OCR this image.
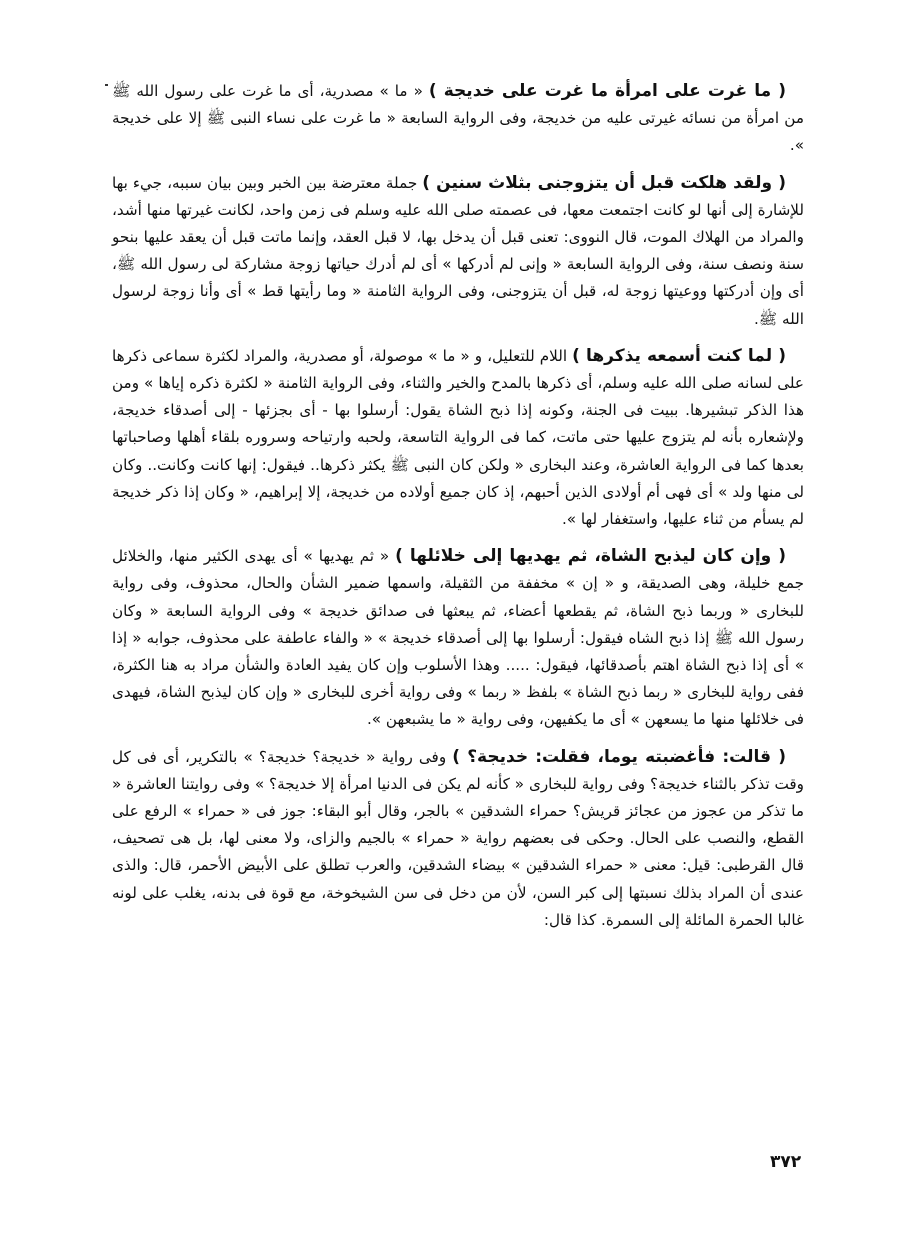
( ما غرت على امرأة ما غرت على خديجة ) « ما » مصدرية، أى ما غرت على رسول الله ﷺ من امرأة من نسائه غيرتى عليه من خديجة، وفى الرواية السابعة « ما غرت على نساء النبى ﷺ إلا على خديجة ».

( ولقد هلكت قبل أن يتزوجنى بثلاث سنين ) جملة معترضة بين الخبر وبين بيان سببه، جيء بها للإشارة إلى أنها لو كانت اجتمعت معها، فى عصمته صلى الله عليه وسلم فى زمن واحد، لكانت غيرتها منها أشد، والمراد من الهلاك الموت، قال النووى: تعنى قبل أن يدخل بها، لا قبل العقد، وإنما ماتت قبل أن يعقد عليها بنحو سنة ونصف سنة، وفى الرواية السابعة « وإنى لم أدركها » أى لم أدرك حياتها زوجة مشاركة لى رسول الله ﷺ، أى وإن أدركتها ووعيتها زوجة له، قبل أن يتزوجنى، وفى الرواية الثامنة « وما رأيتها قط » أى وأنا زوجة لرسول الله ﷺ.

( لما كنت أسمعه يذكرها ) اللام للتعليل، و « ما » موصولة، أو مصدرية، والمراد لكثرة سماعى ذكرها على لسانه صلى الله عليه وسلم، أى ذكرها بالمدح والخير والثناء، وفى الرواية الثامنة « لكثرة ذكره إياها » ومن هذا الذكر تبشيرها. ببيت فى الجنة، وكونه إذا ذبح الشاة يقول: أرسلوا بها - أى بجزئها - إلى أصدقاء خديجة، ولإشعاره بأنه لم يتزوج عليها حتى ماتت، كما فى الرواية التاسعة، ولحبه وارتياحه وسروره بلقاء أهلها وصاحباتها بعدها كما فى الرواية العاشرة، وعند البخارى « ولكن كان النبى ﷺ يكثر ذكرها.. فيقول: إنها كانت وكانت.. وكان لى منها ولد » أى فهى أم أولادى الذين أحبهم، إذ كان جميع أولاده من خديجة، إلا إبراهيم، « وكان إذا ذكر خديجة لم يسأم من ثناء عليها، واستغفار لها ».

( وإن كان ليذبح الشاة، ثم يهديها إلى خلائلها ) « ثم يهديها » أى يهدى الكثير منها، والخلائل جمع خليلة، وهى الصديقة، و « إن » مخففة من الثقيلة، واسمها ضمير الشأن والحال، محذوف، وفى رواية للبخارى « وربما ذبح الشاة، ثم يقطعها أعضاء، ثم يبعثها فى صدائق خديجة » وفى الرواية السابعة « وكان رسول الله ﷺ إذا ذبح الشاه فيقول: أرسلوا بها إلى أصدقاء خديجة » « والفاء عاطفة على محذوف، جوابه « إذا » أى إذا ذبح الشاة اهتم بأصدقائها، فيقول: ..... وهذا الأسلوب وإن كان يفيد العادة والشأن مراد به هنا الكثرة، ففى رواية للبخارى « ربما ذبح الشاة » بلفظ « ربما » وفى رواية أخرى للبخارى « وإن كان ليذبح الشاة، فيهدى فى خلائلها منها ما يسعهن » أى ما يكفيهن، وفى رواية « ما يشبعهن ».

( قالت: فأغضبته يوما، فقلت: خديجة؟ ) وفى رواية « خديجة؟ خديجة؟ » بالتكرير، أى فى كل وقت تذكر بالثناء خديجة؟ وفى رواية للبخارى « كأنه لم يكن فى الدنيا امرأة إلا خديجة؟ » وفى روايتنا العاشرة « ما تذكر من عجوز من عجائز قريش؟ حمراء الشدقين » بالجر، وقال أبو البقاء: جوز فى « حمراء » الرفع على القطع، والنصب على الحال. وحكى فى بعضهم رواية « حمراء » بالجيم والزاى، ولا معنى لها، بل هى تصحيف، قال القرطبى: قيل: معنى « حمراء الشدقين » بيضاء الشدقين، والعرب تطلق على الأبيض الأحمر، قال: والذى عندى أن المراد بذلك نسبتها إلى كبر السن، لأن من دخل فى سن الشيخوخة، مع قوة فى بدنه، يغلب على لونه غالبا الحمرة المائلة إلى السمرة. كذا قال:

٣٧٢
